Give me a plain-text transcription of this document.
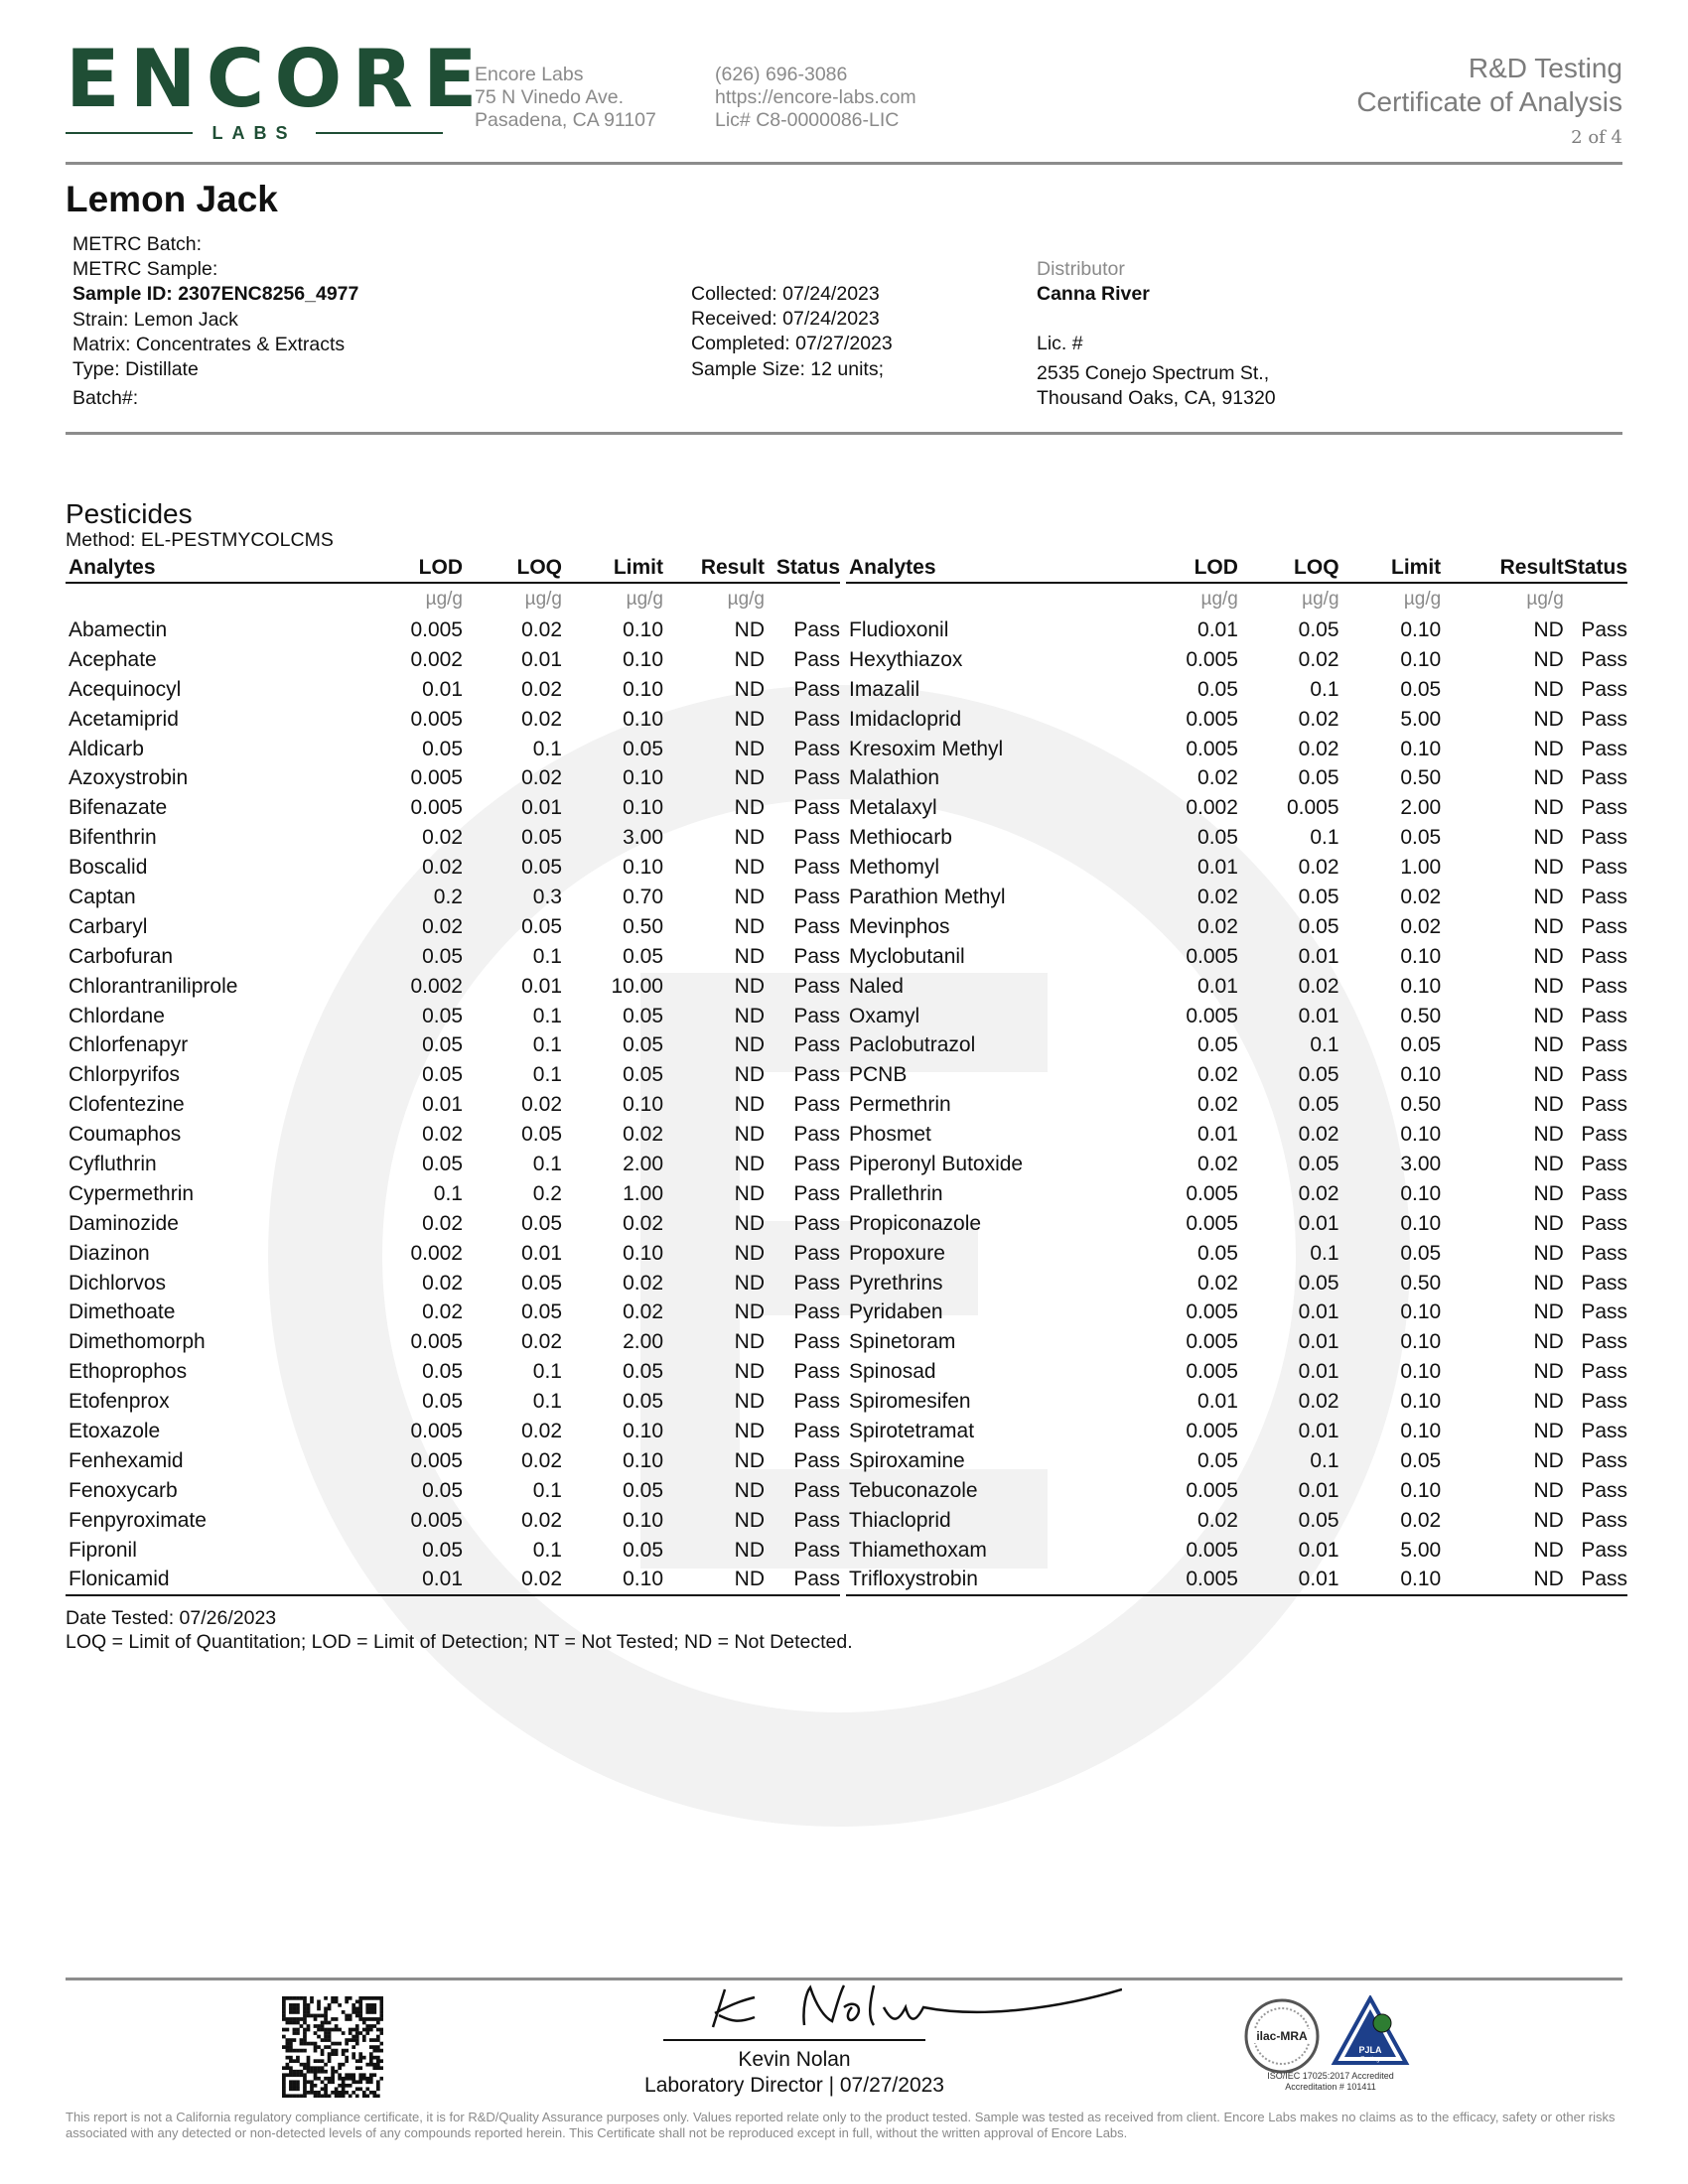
ENCORE
LABS
Encore Labs
75 N Vinedo Ave.
Pasadena, CA 91107
(626) 696-3086
https://encore-labs.com
Lic# C8-0000086-LIC
R&D Testing
Certificate of Analysis
2 of 4
Lemon Jack
METRC Batch:
METRC Sample:
Sample ID: 2307ENC8256_4977
Strain: Lemon Jack
Matrix: Concentrates & Extracts
Type: Distillate
Batch#:
Collected: 07/24/2023
Received: 07/24/2023
Completed: 07/27/2023
Sample Size: 12 units;
Distributor
Canna River
Lic. #
2535 Conejo Spectrum St.,
Thousand Oaks, CA, 91320
Pesticides
Method: EL-PESTMYCOLCMS
Analytes	LOD	LOQ	Limit	Result	Status
	µg/g	µg/g	µg/g	µg/g	
Abamectin	0.005	0.02	0.10	ND	Pass
Acephate	0.002	0.01	0.10	ND	Pass
Acequinocyl	0.01	0.02	0.10	ND	Pass
Acetamiprid	0.005	0.02	0.10	ND	Pass
Aldicarb	0.05	0.1	0.05	ND	Pass
Azoxystrobin	0.005	0.02	0.10	ND	Pass
Bifenazate	0.005	0.01	0.10	ND	Pass
Bifenthrin	0.02	0.05	3.00	ND	Pass
Boscalid	0.02	0.05	0.10	ND	Pass
Captan	0.2	0.3	0.70	ND	Pass
Carbaryl	0.02	0.05	0.50	ND	Pass
Carbofuran	0.05	0.1	0.05	ND	Pass
Chlorantraniliprole	0.002	0.01	10.00	ND	Pass
Chlordane	0.05	0.1	0.05	ND	Pass
Chlorfenapyr	0.05	0.1	0.05	ND	Pass
Chlorpyrifos	0.05	0.1	0.05	ND	Pass
Clofentezine	0.01	0.02	0.10	ND	Pass
Coumaphos	0.02	0.05	0.02	ND	Pass
Cyfluthrin	0.05	0.1	2.00	ND	Pass
Cypermethrin	0.1	0.2	1.00	ND	Pass
Daminozide	0.02	0.05	0.02	ND	Pass
Diazinon	0.002	0.01	0.10	ND	Pass
Dichlorvos	0.02	0.05	0.02	ND	Pass
Dimethoate	0.02	0.05	0.02	ND	Pass
Dimethomorph	0.005	0.02	2.00	ND	Pass
Ethoprophos	0.05	0.1	0.05	ND	Pass
Etofenprox	0.05	0.1	0.05	ND	Pass
Etoxazole	0.005	0.02	0.10	ND	Pass
Fenhexamid	0.005	0.02	0.10	ND	Pass
Fenoxycarb	0.05	0.1	0.05	ND	Pass
Fenpyroximate	0.005	0.02	0.10	ND	Pass
Fipronil	0.05	0.1	0.05	ND	Pass
Flonicamid	0.01	0.02	0.10	ND	Pass
Analytes	LOD	LOQ	Limit	Result	Status
	µg/g	µg/g	µg/g	µg/g	
Fludioxonil	0.01	0.05	0.10	ND	Pass
Hexythiazox	0.005	0.02	0.10	ND	Pass
Imazalil	0.05	0.1	0.05	ND	Pass
Imidacloprid	0.005	0.02	5.00	ND	Pass
Kresoxim Methyl	0.005	0.02	0.10	ND	Pass
Malathion	0.02	0.05	0.50	ND	Pass
Metalaxyl	0.002	0.005	2.00	ND	Pass
Methiocarb	0.05	0.1	0.05	ND	Pass
Methomyl	0.01	0.02	1.00	ND	Pass
Parathion Methyl	0.02	0.05	0.02	ND	Pass
Mevinphos	0.02	0.05	0.02	ND	Pass
Myclobutanil	0.005	0.01	0.10	ND	Pass
Naled	0.01	0.02	0.10	ND	Pass
Oxamyl	0.005	0.01	0.50	ND	Pass
Paclobutrazol	0.05	0.1	0.05	ND	Pass
PCNB	0.02	0.05	0.10	ND	Pass
Permethrin	0.02	0.05	0.50	ND	Pass
Phosmet	0.01	0.02	0.10	ND	Pass
Piperonyl Butoxide	0.02	0.05	3.00	ND	Pass
Prallethrin	0.005	0.02	0.10	ND	Pass
Propiconazole	0.005	0.01	0.10	ND	Pass
Propoxure	0.05	0.1	0.05	ND	Pass
Pyrethrins	0.02	0.05	0.50	ND	Pass
Pyridaben	0.005	0.01	0.10	ND	Pass
Spinetoram	0.005	0.01	0.10	ND	Pass
Spinosad	0.005	0.01	0.10	ND	Pass
Spiromesifen	0.01	0.02	0.10	ND	Pass
Spirotetramat	0.005	0.01	0.10	ND	Pass
Spiroxamine	0.05	0.1	0.05	ND	Pass
Tebuconazole	0.005	0.01	0.10	ND	Pass
Thiacloprid	0.02	0.05	0.02	ND	Pass
Thiamethoxam	0.005	0.01	5.00	ND	Pass
Trifloxystrobin	0.005	0.01	0.10	ND	Pass
Date Tested: 07/26/2023
LOQ = Limit of Quantitation; LOD = Limit of Detection; NT = Not Tested; ND = Not Detected.
Kevin Nolan
Laboratory Director | 07/27/2023
ilac-MRA
PJLA
Testing
ISO/IEC 17025:2017 Accredited
Accreditation # 101411
This report is not a California regulatory compliance certificate, it is for R&D/Quality Assurance purposes only. Values reported relate only to the product tested. Sample was tested as received from client. Encore Labs makes no claims as to the efficacy, safety or other risks associated with any detected or non-detected levels of any compounds reported herein. This Certificate shall not be reproduced except in full, without the written approval of Encore Labs.
